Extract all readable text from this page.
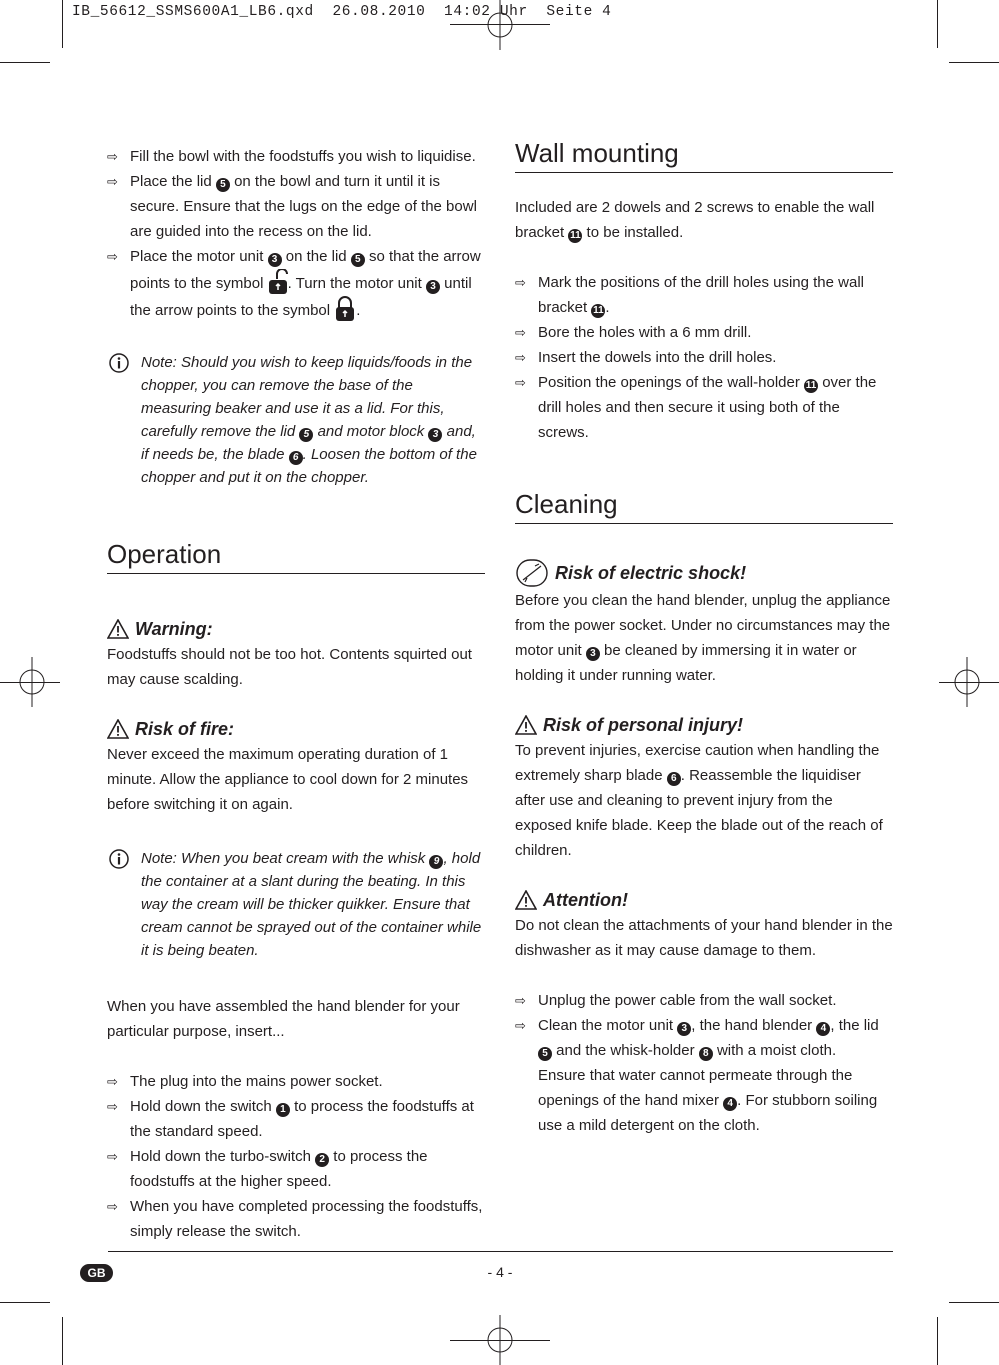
IB_56612_SSMS600A1_LB6.qxd  26.08.2010  14:02 Uhr  Seite 4
⇨ Fill the bowl with the foodstuffs you wish to liquidise.
⇨ Place the lid 5 on the bowl and turn it until it is secure. Ensure that the lugs on the edge of the bowl are guided into the recess on the lid.
⇨ Place the motor unit 3 on the lid 5 so that the arrow points to the symbol . Turn the motor unit 3 until the arrow points to the symbol .
Note: Should you wish to keep liquids/foods in the chopper, you can remove the base of the measuring beaker and use it as a lid. For this, carefully remove the lid 5 and motor block 3 and, if needs be, the blade 6 . Loosen the bottom of the chopper and put it on the chopper.
Operation
Warning:

Foodstuffs should not be too hot. Contents squirted out may cause scalding.

Risk of fire:

Never exceed the maximum operating duration of 1 minute. Allow the appliance to cool down for 2 minutes before switching it on again.

Note: When you beat cream with the whisk 9 , hold the container at a slant during the beating. In this way the cream will be thicker quikker. Ensure that cream cannot be sprayed out of the container while it is being beaten.

When you have assembled the hand blender for your particular purpose, insert...

⇨ The plug into the mains power socket.
⇨ Hold down the switch 1 to process the foodstuffs at the standard speed.
⇨ Hold down the turbo-switch 2 to process the foodstuffs at the higher speed.
⇨ When you have completed processing the foodstuffs, simply release the switch.
Wall mounting

Included are 2 dowels and 2 screws to enable the wall bracket 11 to be installed.

⇨ Mark the positions of the drill holes using the wall bracket 11 .
⇨ Bore the holes with a 6 mm drill.
⇨ Insert the dowels into the drill holes.
⇨ Position the openings of the wall-holder 11 over the drill holes and then secure it using both of the screws.
Cleaning
Risk of electric shock!

Before you clean the hand blender, unplug the appliance from the power socket. Under no circumstances may the motor unit 3 be cleaned by immersing it in water or holding it under running water.

Risk of personal injury!

To prevent injuries, exercise caution when handling the extremely sharp blade 6 . Reassemble the liquidiser after use and cleaning to prevent injury from the exposed knife blade. Keep the blade out of the reach of children.

Attention!

Do not clean the attachments of your hand blender in the dishwasher as it may cause damage to them.

⇨ Unplug the power cable from the wall socket.
⇨ Clean the motor unit 3 , the hand blender 4 , the lid 5 and the whisk-holder 8 with a moist cloth.

Ensure that water cannot permeate through the openings of the hand mixer 4 . For stubborn soiling use a mild detergent on the cloth.

GB	- 4 -
